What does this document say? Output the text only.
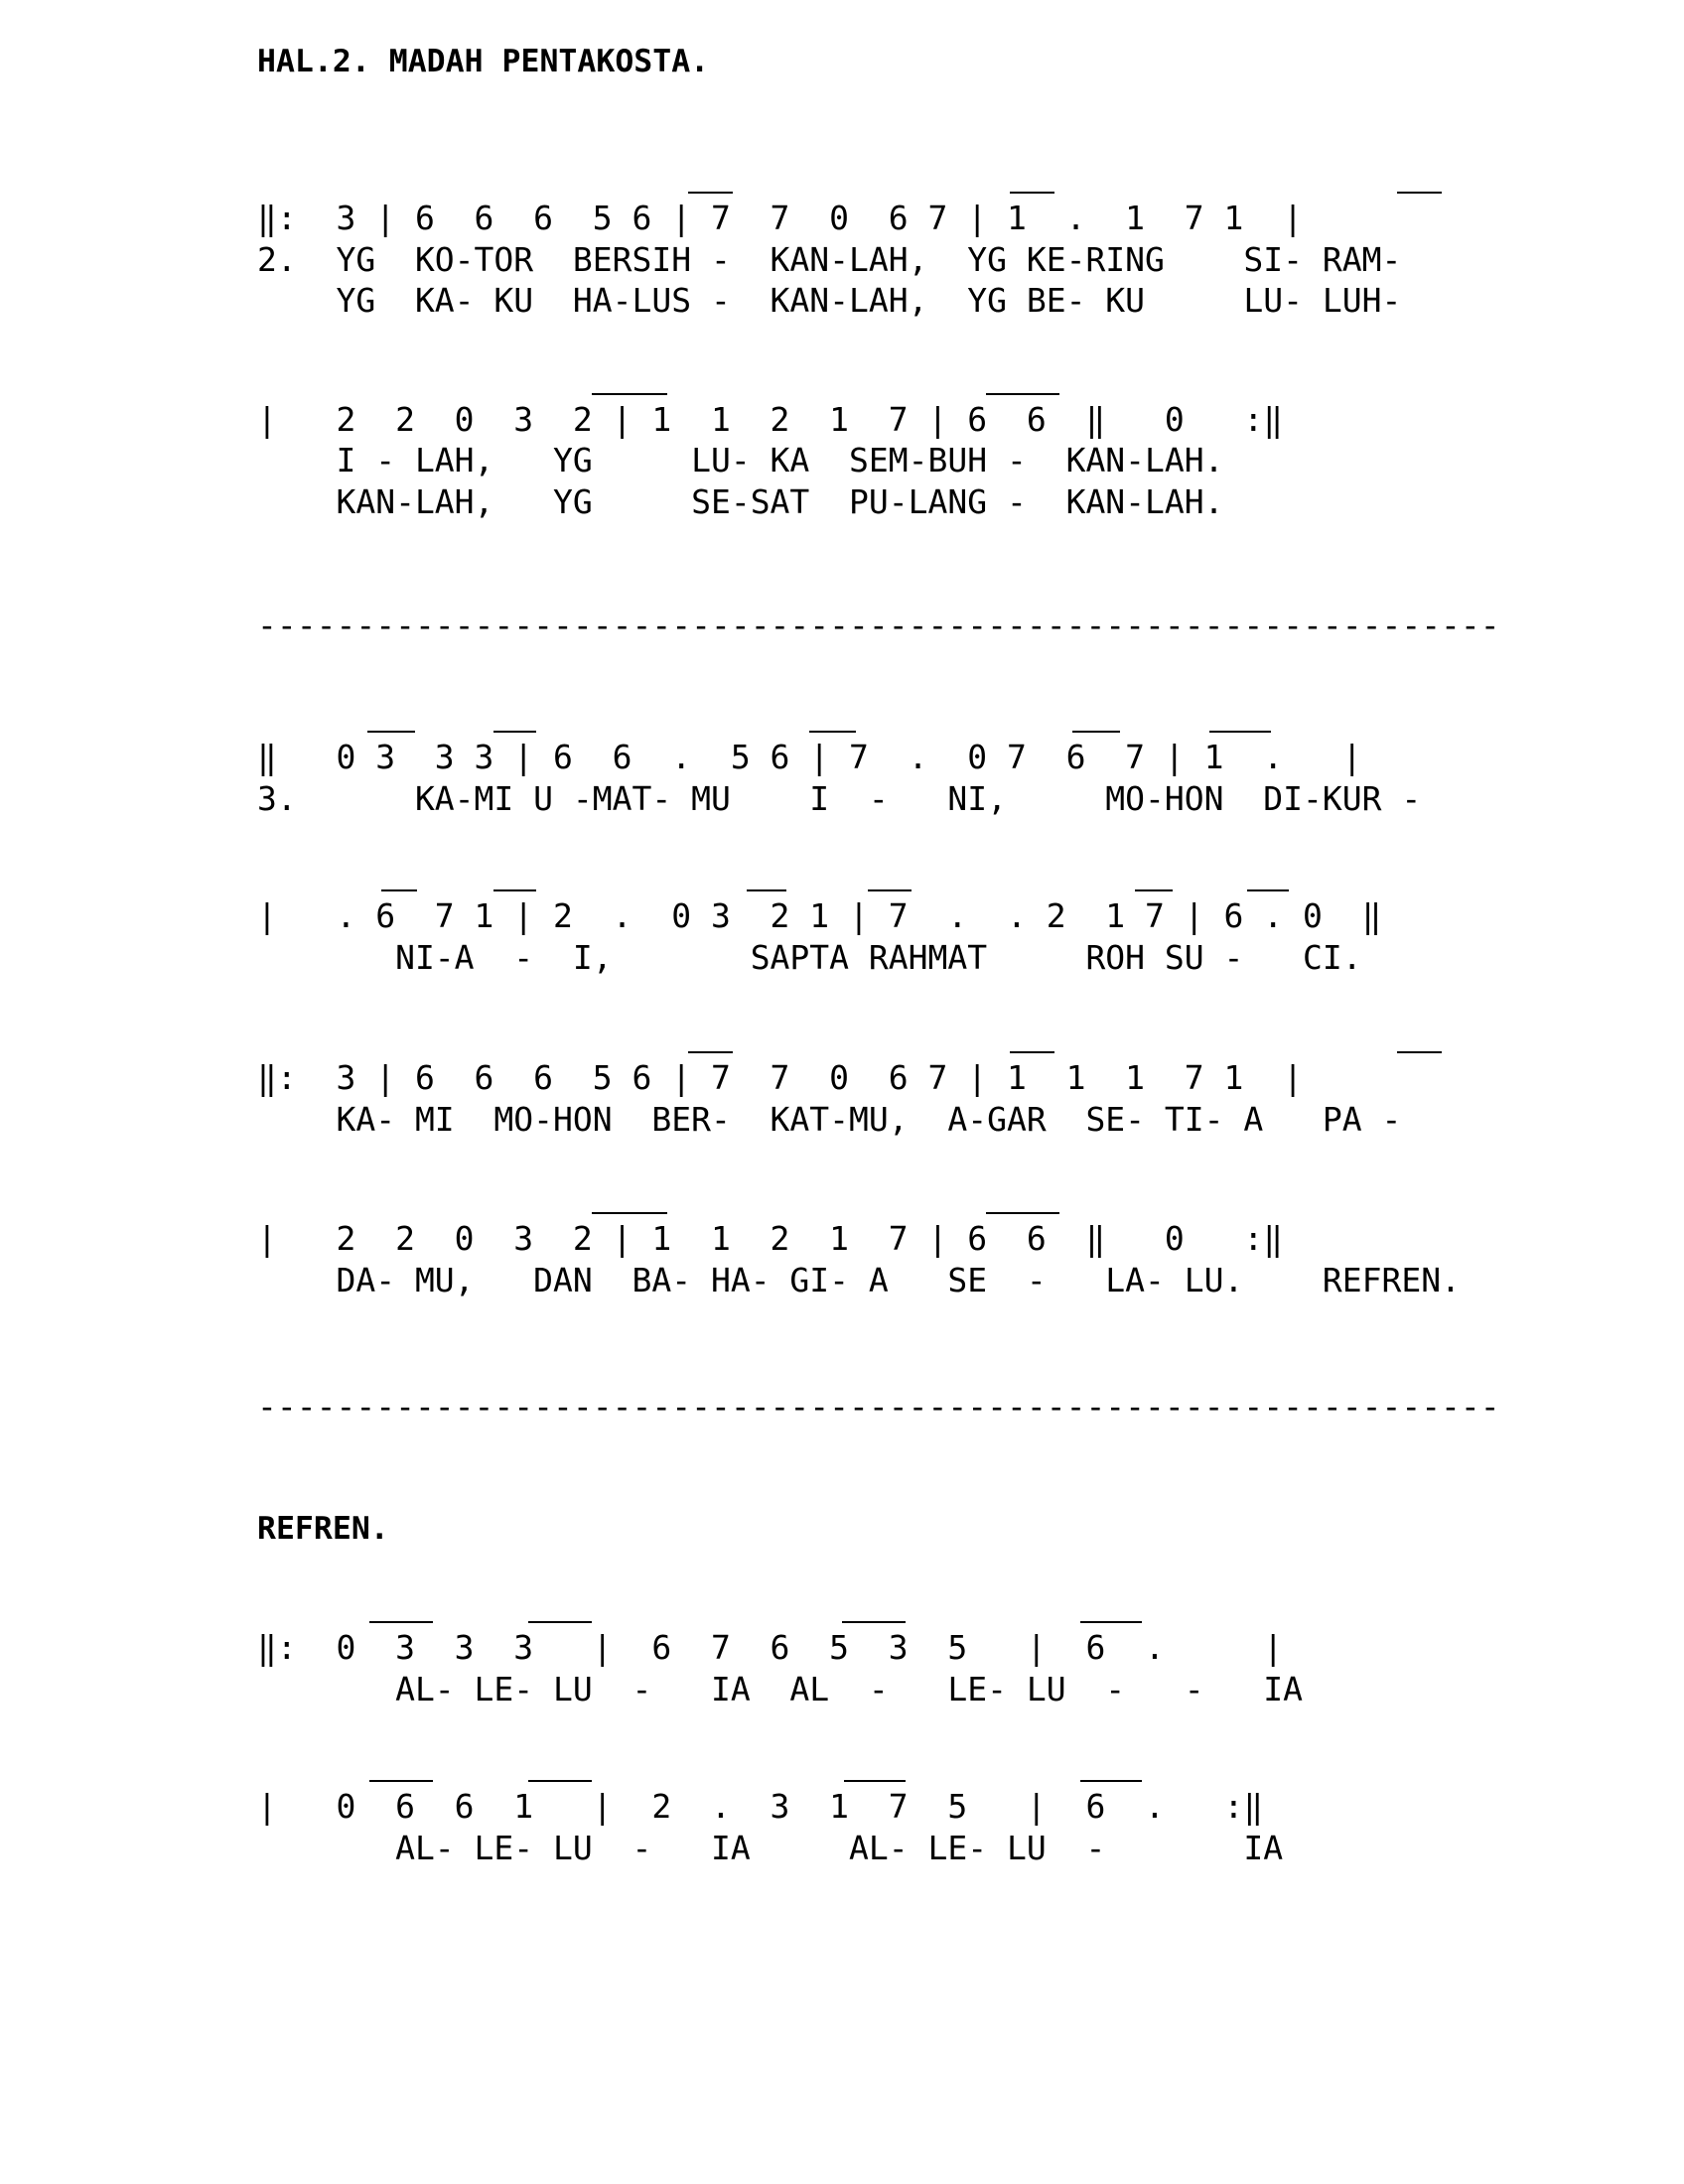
HAL.2. MADAH PENTAKOSTA.
‖:  3 | 6  6  6  5 6 | 7  7  0  6 7 | 1  .  1  7 1  |
2.  YG  KO-TOR  BERSIH -  KAN-LAH,  YG KE-RING    SI- RAM-
YG  KA- KU  HA-LUS -  KAN-LAH,  YG BE- KU     LU- LUH-
|   2  2  0  3  2 | 1  1  2  1  7 | 6  6  ‖   0   :‖
I - LAH,   YG     LU- KA  SEM-BUH -  KAN-LAH.
KAN-LAH,   YG     SE-SAT  PU-LANG -  KAN-LAH.
---------------------------------------------------------------
‖   0 3  3 3 | 6  6  .  5 6 | 7  .  0 7  6  7 | 1  .   |
3.      KA-MI U -MAT- MU    I  -   NI,     MO-HON  DI-KUR -
|   . 6  7 1 | 2  .  0 3  2 1 | 7  .  . 2  1 7 | 6 . 0  ‖
NI-A  -  I,       SAPTA RAHMAT     ROH SU -   CI.
‖:  3 | 6  6  6  5 6 | 7  7  0  6 7 | 1  1  1  7 1  |
KA- MI  MO-HON  BER-  KAT-MU,  A-GAR  SE- TI- A   PA -
|   2  2  0  3  2 | 1  1  2  1  7 | 6  6  ‖   0   :‖
DA- MU,   DAN  BA- HA- GI- A   SE  -   LA- LU.    REFREN.
---------------------------------------------------------------
REFREN.
‖:  0  3  3  3   |  6  7  6  5  3  5   |  6  .     |
AL- LE- LU  -   IA  AL  -   LE- LU  -   -   IA
|   0  6  6  1   |  2  .  3  1  7  5   |  6  .   :‖
AL- LE- LU  -   IA     AL- LE- LU  -       IA
